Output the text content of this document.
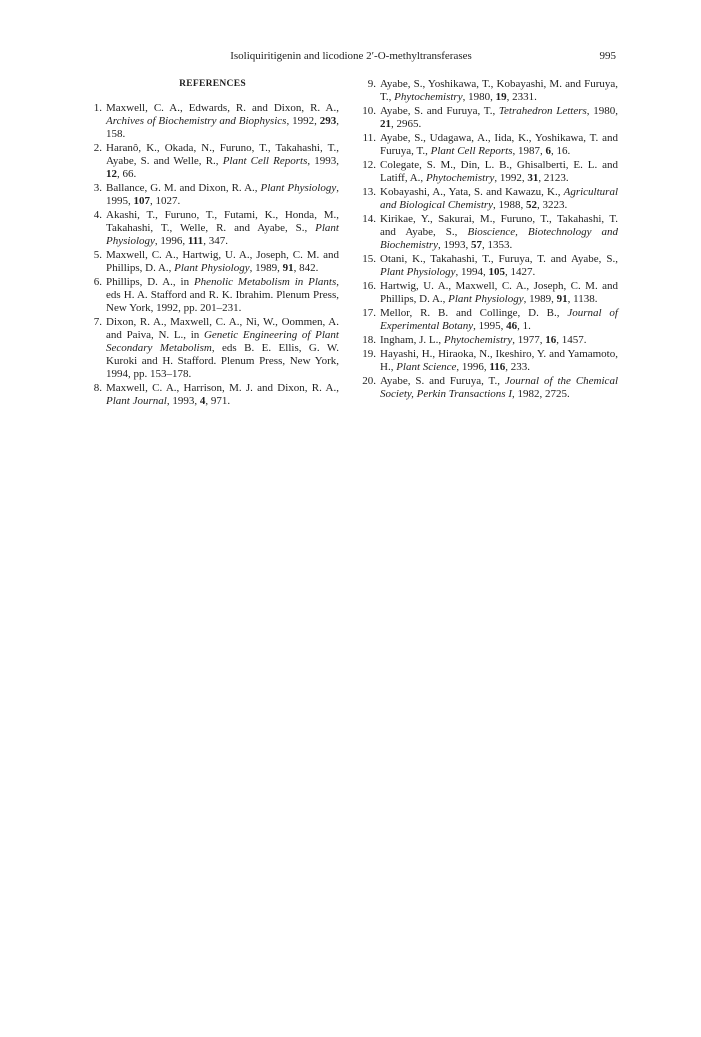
Isoliquiritigenin and licodione 2′-O-methyltransferases	995
REFERENCES
1. Maxwell, C. A., Edwards, R. and Dixon, R. A., Archives of Biochemistry and Biophysics, 1992, 293, 158.
2. Haranô, K., Okada, N., Furuno, T., Takahashi, T., Ayabe, S. and Welle, R., Plant Cell Reports, 1993, 12, 66.
3. Ballance, G. M. and Dixon, R. A., Plant Physiology, 1995, 107, 1027.
4. Akashi, T., Furuno, T., Futami, K., Honda, M., Takahashi, T., Welle, R. and Ayabe, S., Plant Physiology, 1996, 111, 347.
5. Maxwell, C. A., Hartwig, U. A., Joseph, C. M. and Phillips, D. A., Plant Physiology, 1989, 91, 842.
6. Phillips, D. A., in Phenolic Metabolism in Plants, eds H. A. Stafford and R. K. Ibrahim. Plenum Press, New York, 1992, pp. 201–231.
7. Dixon, R. A., Maxwell, C. A., Ni, W., Oommen, A. and Paiva, N. L., in Genetic Engineering of Plant Secondary Metabolism, eds B. E. Ellis, G. W. Kuroki and H. Stafford. Plenum Press, New York, 1994, pp. 153–178.
8. Maxwell, C. A., Harrison, M. J. and Dixon, R. A., Plant Journal, 1993, 4, 971.
9. Ayabe, S., Yoshikawa, T., Kobayashi, M. and Furuya, T., Phytochemistry, 1980, 19, 2331.
10. Ayabe, S. and Furuya, T., Tetrahedron Letters, 1980, 21, 2965.
11. Ayabe, S., Udagawa, A., Iida, K., Yoshikawa, T. and Furuya, T., Plant Cell Reports, 1987, 6, 16.
12. Colegate, S. M., Din, L. B., Ghisalberti, E. L. and Latiff, A., Phytochemistry, 1992, 31, 2123.
13. Kobayashi, A., Yata, S. and Kawazu, K., Agricultural and Biological Chemistry, 1988, 52, 3223.
14. Kirikae, Y., Sakurai, M., Furuno, T., Takahashi, T. and Ayabe, S., Bioscience, Biotechnology and Biochemistry, 1993, 57, 1353.
15. Otani, K., Takahashi, T., Furuya, T. and Ayabe, S., Plant Physiology, 1994, 105, 1427.
16. Hartwig, U. A., Maxwell, C. A., Joseph, C. M. and Phillips, D. A., Plant Physiology, 1989, 91, 1138.
17. Mellor, R. B. and Collinge, D. B., Journal of Experimental Botany, 1995, 46, 1.
18. Ingham, J. L., Phytochemistry, 1977, 16, 1457.
19. Hayashi, H., Hiraoka, N., Ikeshiro, Y. and Yamamoto, H., Plant Science, 1996, 116, 233.
20. Ayabe, S. and Furuya, T., Journal of the Chemical Society, Perkin Transactions I, 1982, 2725.
